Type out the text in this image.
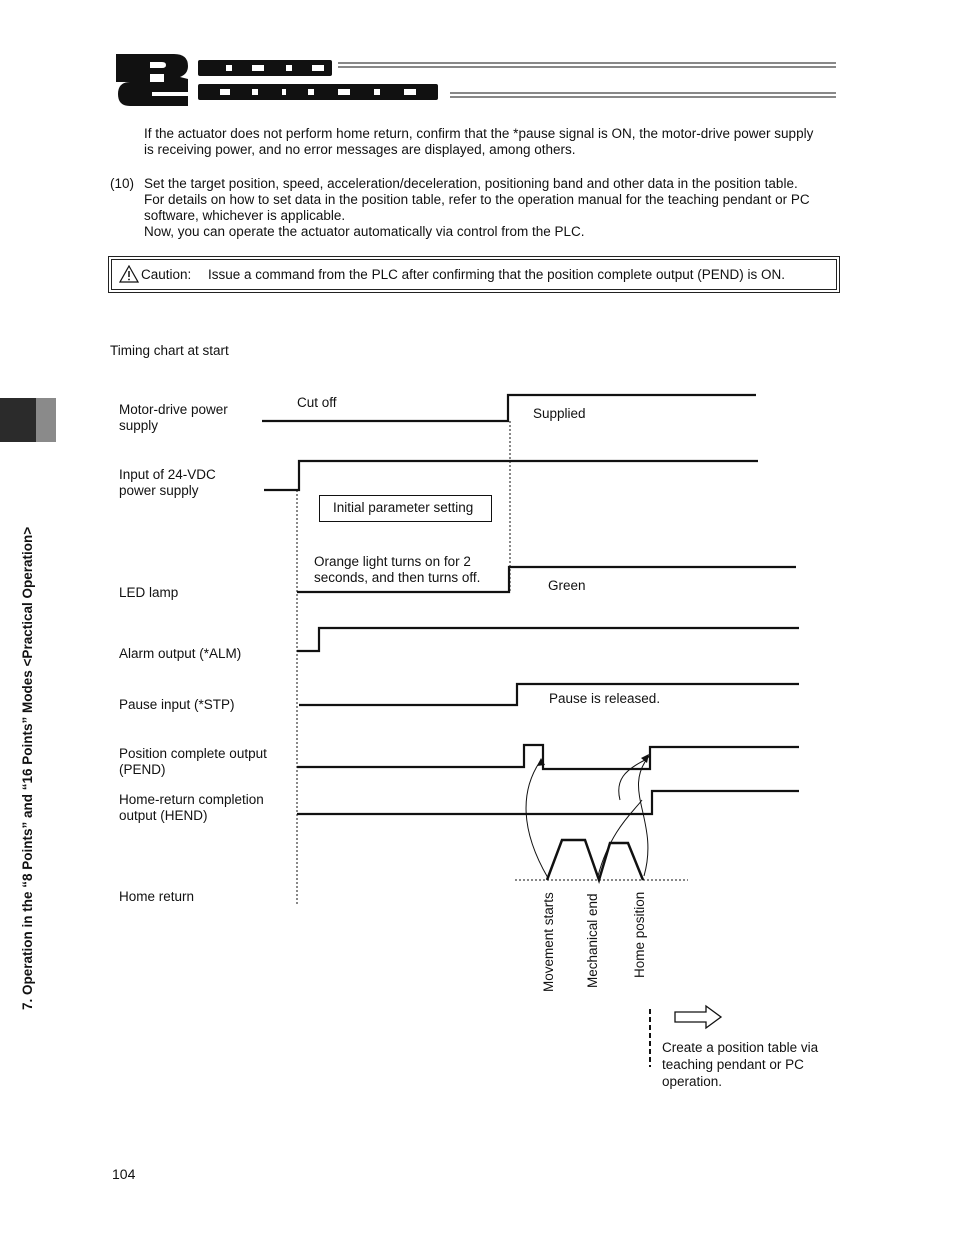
If the actuator does not perform home return, confirm that the *pause signal is ON, the motor-drive power supply
is receiving power, and no error messages are displayed, among others.
(10) Set the target position, speed, acceleration/deceleration, positioning band and other data in the position table.
For details on how to set data in the position table, refer to the operation manual for the teaching pendant or PC
software, whichever is applicable.
Now, you can operate the actuator automatically via control from the PLC.
Caution: Issue a command from the PLC after confirming that the position complete output (PEND) is ON.
7. Operation in the “8 Points” and “16 Points” Modes <Practical Operation>
Timing chart at start
Motor-drive power
supply
Cut off
Supplied
Input of 24-VDC
power supply
Initial parameter setting
Orange light turns on for 2
seconds, and then turns off.
LED lamp	Green
Alarm output (*ALM)
Pause input (*STP)	Pause is released.
Position complete output
(PEND)
Home-return completion
output (HEND)
Home return	Movement starts Mechanical end Home position
Create a position table via
teaching pendant or PC
operation.
104
